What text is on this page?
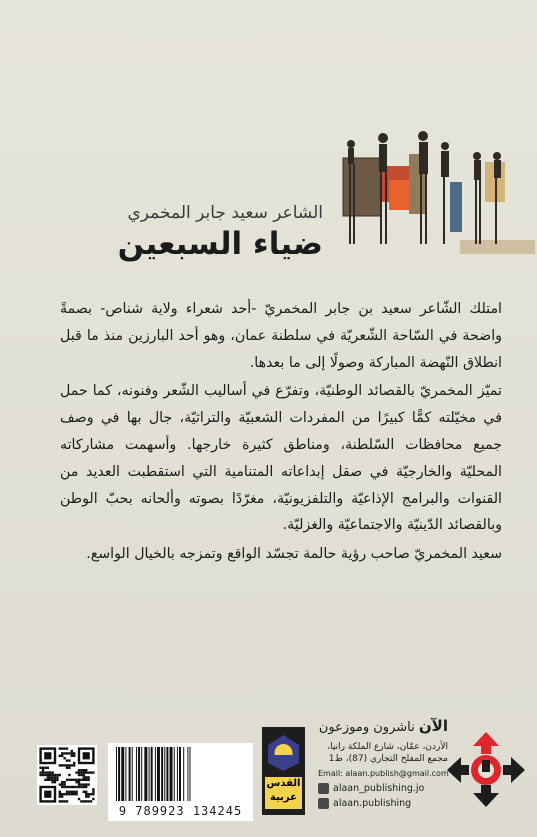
الشاعر سعيد جابر المخمري
ضياء السبعين

امتلك الشّاعر سعيد بن جابر المخمريّ -أحد شعراء ولاية شناص- بصمةً واضحة في السّاحة الشّعريّة في سلطنة عمان، وهو أحد البارزين منذ ما قبل انطلاق النّهضة المباركة وصولًا إلى ما بعدها.

تميّز المخمريّ بالقصائد الوطنيّة، وتفرّع في أساليب الشّعر وفنونه، كما حمل في مخيّلته كمًّا كبيرًا من المفردات الشعبيّة والتراثيّة، جال بها في وصف جميع محافظات السّلطنة، ومناطق كثيرة خارجها. وأسهمت مشاركاته المحليّة والخارجيّة في صقل إبداعاته المتنامية التي استقطبت العديد من القنوات والبرامج الإذاعيّة والتلفزيونيّة، مغرّدًا بصوته وألحانه بحبّ الوطن وبالقصائد الدّينيّة والاجتماعيّة والغزليّة.

سعيد المخمريّ صاحب رؤية حالمة تجسّد الواقع وتمزجه بالخيال الواسع.

الآن ناشرون وموزعون
الأردن، عمّان، شارع الملكة رانيا، مجمع المفلح التجاري (87)، ط1
Email: alaan.publish@gmail.com
alaan_publishing.jo
alaan.publishing
القدس عربية
9 789923 134245
